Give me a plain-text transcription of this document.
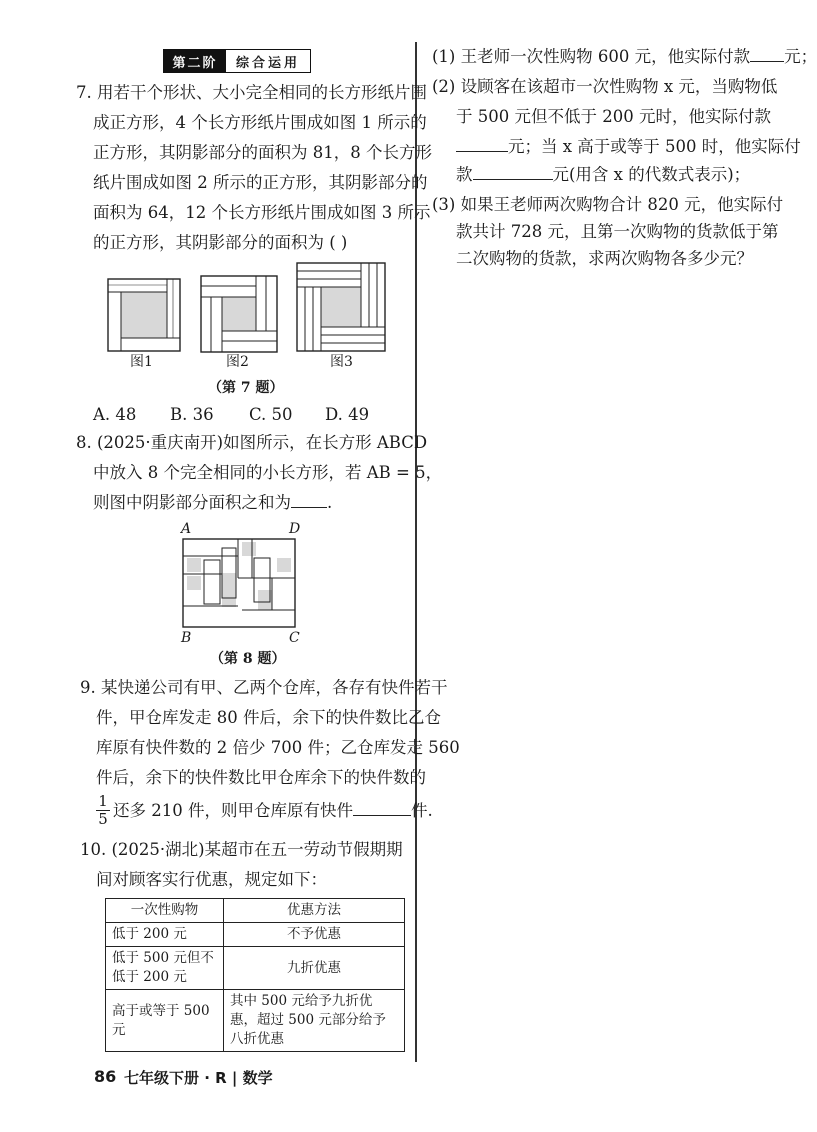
第二阶	综合运用
7. 用若干个形状、大小完全相同的长方形纸片围
成正方形，4 个长方形纸片围成如图 1 所示的
正方形，其阴影部分的面积为 81，8 个长方形
纸片围成如图 2 所示的正方形，其阴影部分的
面积为 64，12 个长方形纸片围成如图 3 所示
的正方形，其阴影部分的面积为 ( )
图1	图2	图3
（第 7 题）
A. 48 B. 36 C. 50 D. 49
8. (2025·重庆南开)如图所示，在长方形 ABCD
中放入 8 个完全相同的小长方形，若 AB = 5，
则图中阴影部分面积之和为 .
A	D
B	C
（第 8 题）
9. 某快递公司有甲、乙两个仓库，各存有快件若干
件，甲仓库发走 80 件后，余下的快件数比乙仓
库原有快件数的 2 倍少 700 件；乙仓库发走 560
件后，余下的快件数比甲仓库余下的快件数的
$\frac{1}{5}$ 还多 210 件，则甲仓库原有快件	件.
10. (2025·湖北)某超市在五一劳动节假期期
间对顾客实行优惠，规定如下：
一次性购物	优惠方法
低于 200 元	不予优惠
低于 500 元但不低于 200 元	九折优惠
高于或等于 500 元	其中 500 元给予九折优惠，超过 500 元部分给予八折优惠
(1) 王老师一次性购物 600 元，他实际付款 元；
(2) 设顾客在该超市一次性购物 x 元，当购物低
于 500 元但不低于 200 元时，他实际付款
元；当 x 高于或等于 500 时，他实际付
款	元(用含 x 的代数式表示)；
(3) 如果王老师两次购物合计 820 元，他实际付
款共计 728 元，且第一次购物的货款低于第
二次购物的货款，求两次购物各多少元？
86 七年级下册 · R | 数学
